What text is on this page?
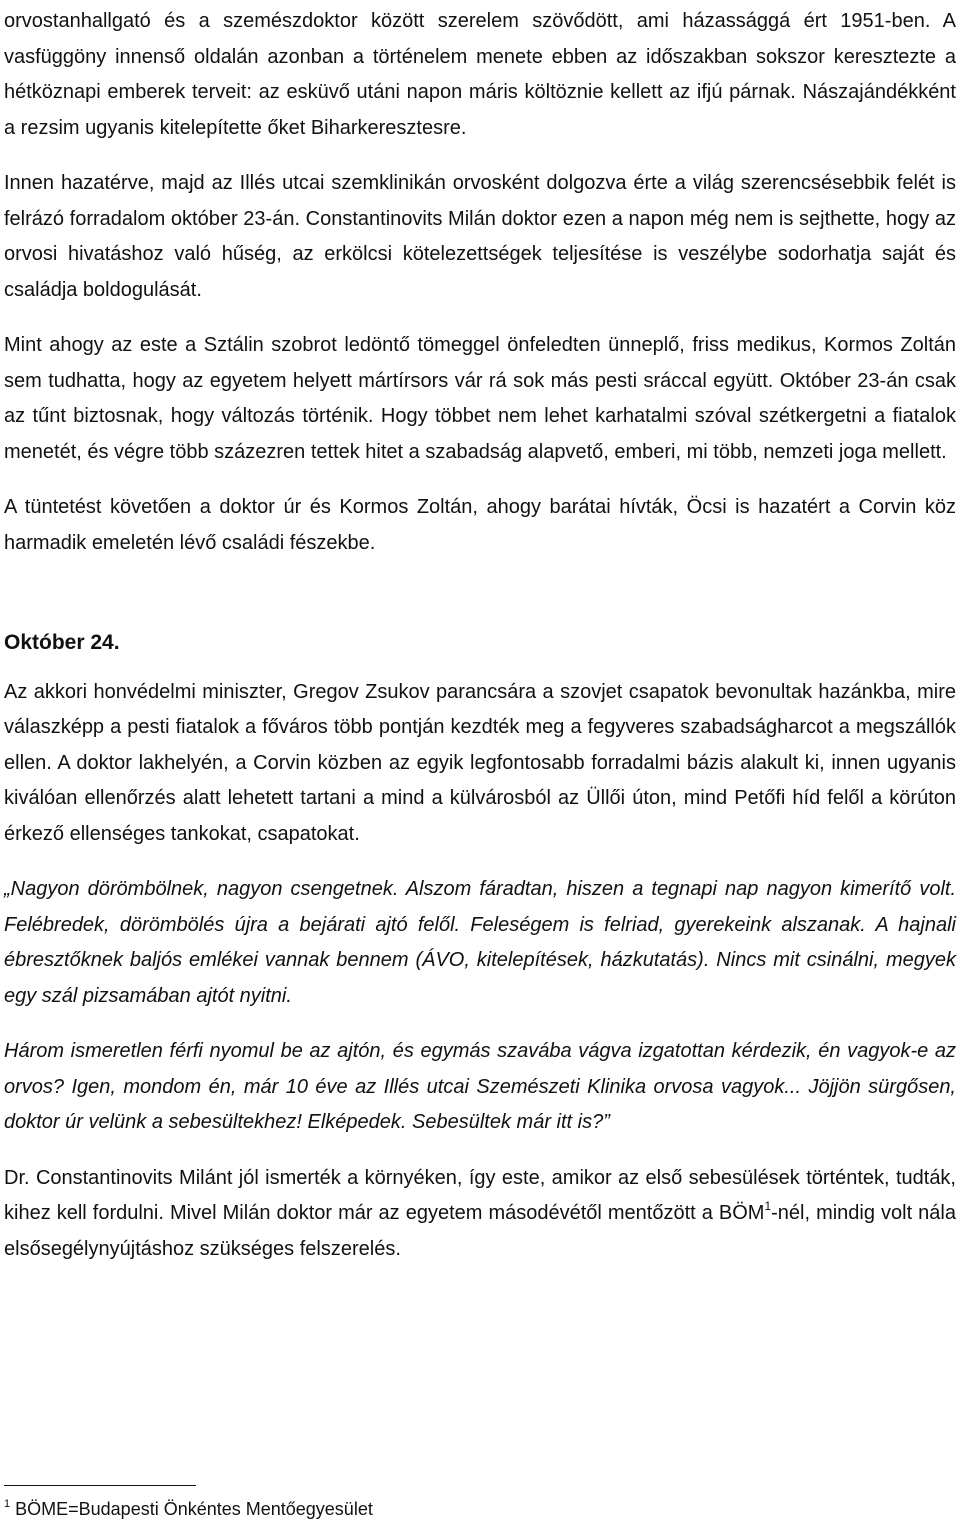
orvostanhallgató és a szemészdoktor között szerelem szövődött, ami házassággá ért 1951-ben. A vasfüggöny innenső oldalán azonban a történelem menete ebben az időszakban sokszor keresztezte a hétköznapi emberek terveit: az esküvő utáni napon máris költöznie kellett az ifjú párnak. Nászajándékként a rezsim ugyanis kitelepítette őket Biharkeresztesre.

Innen hazatérve, majd az Illés utcai szemklinikán orvosként dolgozva érte a világ szerencsésebbik felét is felrázó forradalom október 23-án. Constantinovits Milán doktor ezen a napon még nem is sejthette, hogy az orvosi hivatáshoz való hűség, az erkölcsi kötelezettségek teljesítése is veszélybe sodorhatja saját és családja boldogulását.

Mint ahogy az este a Sztálin szobrot ledöntő tömeggel önfeledten ünneplő, friss medikus, Kormos Zoltán sem tudhatta, hogy az egyetem helyett mártírsors vár rá sok más pesti sráccal együtt. Október 23-án csak az tűnt biztosnak, hogy változás történik. Hogy többet nem lehet karhatalmi szóval szétkergetni a fiatalok menetét, és végre több százezren tettek hitet a szabadság alapvető, emberi, mi több, nemzeti joga mellett.

A tüntetést követően a doktor úr és Kormos Zoltán, ahogy barátai hívták, Öcsi is hazatért a Corvin köz harmadik emeletén lévő családi fészekbe.

Október 24.

Az akkori honvédelmi miniszter, Gregov Zsukov parancsára a szovjet csapatok bevonultak hazánkba, mire válaszképp a pesti fiatalok a főváros több pontján kezdték meg a fegyveres szabadságharcot a megszállók ellen. A doktor lakhelyén, a Corvin közben az egyik legfontosabb forradalmi bázis alakult ki, innen ugyanis kiválóan ellenőrzés alatt lehetett tartani a mind a külvárosból az Üllői úton, mind Petőfi híd felől a körúton érkező ellenséges tankokat, csapatokat.

„Nagyon dörömbölnek, nagyon csengetnek. Alszom fáradtan, hiszen a tegnapi nap nagyon kimerítő volt. Felébredek, dörömbölés újra a bejárati ajtó felől. Feleségem is felriad, gyerekeink alszanak. A hajnali ébresztőknek baljós emlékei vannak bennem (ÁVO, kitelepítések, házkutatás). Nincs mit csinálni, megyek egy szál pizsamában ajtót nyitni.

Három ismeretlen férfi nyomul be az ajtón, és egymás szavába vágva izgatottan kérdezik, én vagyok-e az orvos? Igen, mondom én, már 10 éve az Illés utcai Szemészeti Klinika orvosa vagyok... Jöjjön sürgősen, doktor úr velünk a sebesültekhez! Elképedek. Sebesültek már itt is?”

Dr. Constantinovits Milánt jól ismerték a környéken, így este, amikor az első sebesülések történtek, tudták, kihez kell fordulni. Mivel Milán doktor már az egyetem másodévétől mentőzött a BÖM$^1$-nél, mindig volt nála elsősegélynyújtáshoz szükséges felszerelés.

$^1$ BÖME=Budapesti Önkéntes Mentőegyesület
